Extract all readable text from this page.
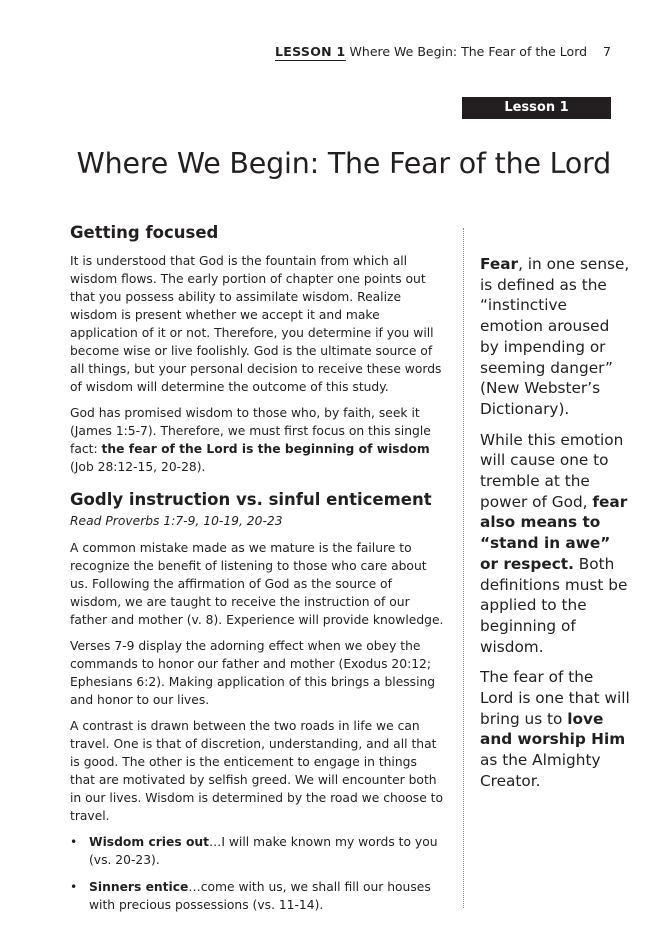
LESSON 1 Where We Begin: The Fear of the Lord 7
Lesson 1
Where We Begin: The Fear of the Lord
Getting focused

It is understood that God is the fountain from which all wisdom flows. The early portion of chapter one points out that you possess ability to assimilate wisdom. Realize wisdom is present whether we accept it and make application of it or not. Therefore, you determine if you will become wise or live foolishly. God is the ultimate source of all things, but your personal decision to receive these words of wisdom will determine the outcome of this study.

God has promised wisdom to those who, by faith, seek it (James 1:5-7). Therefore, we must first focus on this single fact: the fear of the Lord is the beginning of wisdom (Job 28:12-15, 20-28).

Godly instruction vs. sinful enticement

Read Proverbs 1:7-9, 10-19, 20-23

A common mistake made as we mature is the failure to recognize the benefit of listening to those who care about us. Following the affirmation of God as the source of wisdom, we are taught to receive the instruction of our father and mother (v. 8). Experience will provide knowledge.

Verses 7-9 display the adorning effect when we obey the commands to honor our father and mother (Exodus 20:12; Ephesians 6:2). Making application of this brings a blessing and honor to our lives.

A contrast is drawn between the two roads in life we can travel. One is that of discretion, understanding, and all that is good. The other is the enticement to engage in things that are motivated by selfish greed. We will encounter both in our lives. Wisdom is determined by the road we choose to travel.

• Wisdom cries out…I will make known my words to you (vs. 20-23).
• Sinners entice…come with us, we shall fill our houses with precious possessions (vs. 11-14).

Fear, in one sense, is defined as the “instinctive emotion aroused by impending or seeming danger” (New Webster’s Dictionary).

While this emotion will cause one to tremble at the power of God, fear also means to “stand in awe” or respect. Both definitions must be applied to the beginning of wisdom.

The fear of the Lord is one that will bring us to love and worship Him as the Almighty Creator.
